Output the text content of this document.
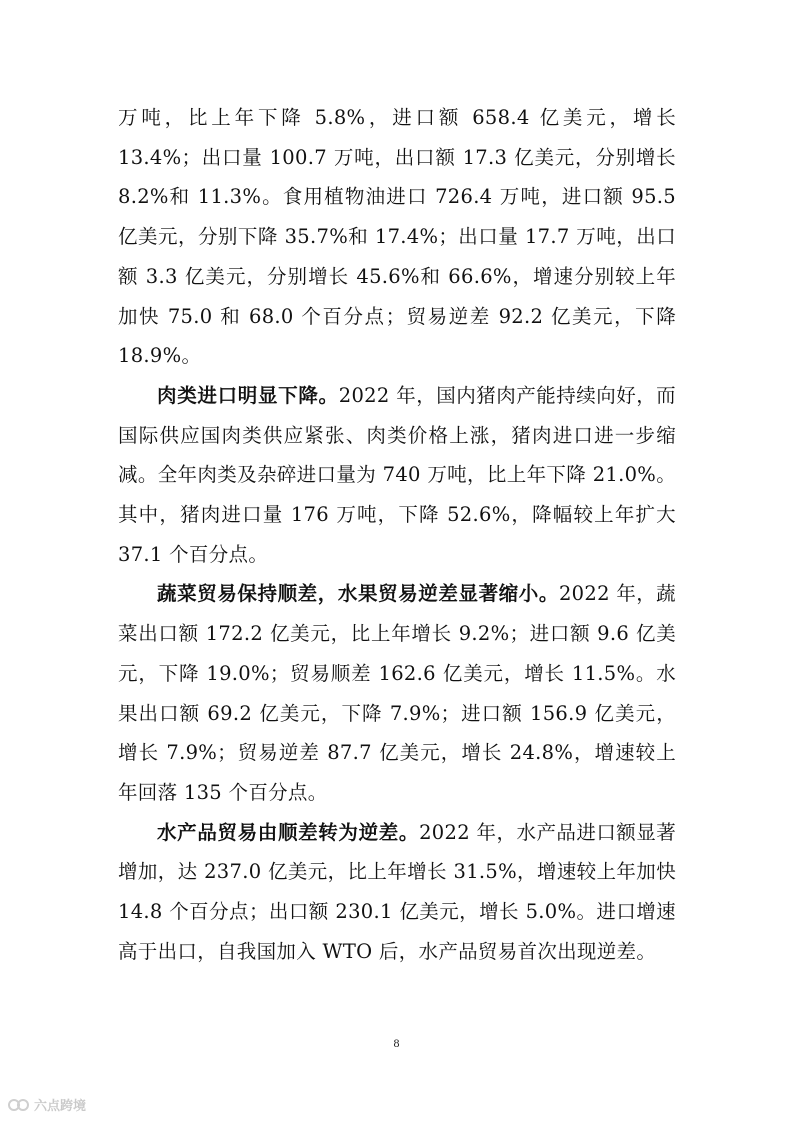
万吨，比上年下降 5.8%，进口额 658.4 亿美元，增长 13.4%；出口量 100.7 万吨，出口额 17.3 亿美元，分别增长 8.2%和 11.3%。食用植物油进口 726.4 万吨，进口额 95.5 亿美元，分别下降 35.7%和 17.4%；出口量 17.7 万吨，出口额 3.3 亿美元，分别增长 45.6%和 66.6%，增速分别较上年加快 75.0 和 68.0 个百分点；贸易逆差 92.2 亿美元，下降 18.9%。

肉类进口明显下降。2022 年，国内猪肉产能持续向好，而国际供应国肉类供应紧张、肉类价格上涨，猪肉进口进一步缩减。全年肉类及杂碎进口量为 740 万吨，比上年下降 21.0%。其中，猪肉进口量 176 万吨，下降 52.6%，降幅较上年扩大 37.1 个百分点。

蔬菜贸易保持顺差，水果贸易逆差显著缩小。2022 年，蔬菜出口额 172.2 亿美元，比上年增长 9.2%；进口额 9.6 亿美元，下降 19.0%；贸易顺差 162.6 亿美元，增长 11.5%。水果出口额 69.2 亿美元，下降 7.9%；进口额 156.9 亿美元，增长 7.9%；贸易逆差 87.7 亿美元，增长 24.8%，增速较上年回落 135 个百分点。

水产品贸易由顺差转为逆差。2022 年，水产品进口额显著增加，达 237.0 亿美元，比上年增长 31.5%，增速较上年加快 14.8 个百分点；出口额 230.1 亿美元，增长 5.0%。进口增速高于出口，自我国加入 WTO 后，水产品贸易首次出现逆差。

8
六点跨境
